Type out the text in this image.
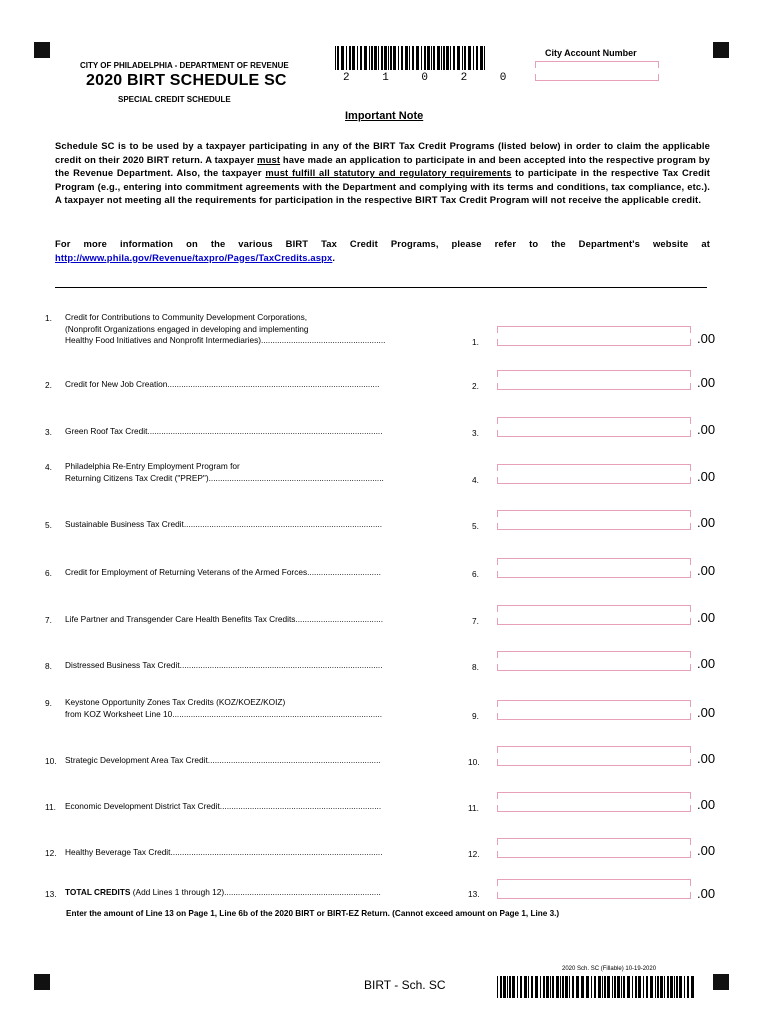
CITY OF PHILADELPHIA - DEPARTMENT OF REVENUE
2020 BIRT SCHEDULE SC
SPECIAL CREDIT SCHEDULE
2 1 0 2 0
City Account Number
Important Note
Schedule SC is to be used by a taxpayer participating in any of the BIRT Tax Credit Programs (listed below) in order to claim the applicable credit on their 2020 BIRT return. A taxpayer must have made an application to participate in and been accepted into the respective program by the Revenue Department. Also, the taxpayer must fulfill all statutory and regulatory requirements to participate in the respective Tax Credit Program (e.g., entering into commitment agreements with the Department and complying with its terms and conditions, tax compliance, etc.). A taxpayer not meeting all the requirements for participation in the respective BIRT Tax Credit Program will not receive the applicable credit.
For more information on the various BIRT Tax Credit Programs, please refer to the Department's website at http://www.phila.gov/Revenue/taxpro/Pages/TaxCredits.aspx.
1. Credit for Contributions to Community Development Corporations,
(Nonprofit Organizations engaged in developing and implementing
Healthy Food Initiatives and Nonprofit Intermediaries)......................................................	1.	.00
2. Credit for New Job Creation............................................................................................	2.	.00
3. Green Roof Tax Credit......................................................................................................	3.	.00
4. Philadelphia Re-Entry Employment Program for
Returning Citizens Tax Credit ("PREP")............................................................................	4.	.00
5. Sustainable Business Tax Credit......................................................................................	5.	.00
6. Credit for Employment of Returning Veterans of the Armed Forces................................	6.	.00
7. Life Partner and Transgender Care Health Benefits Tax Credits......................................	7.	.00
8. Distressed Business Tax Credit........................................................................................	8.	.00
9. Keystone Opportunity Zones Tax Credits (KOZ/KOEZ/KOIZ)
from KOZ Worksheet Line 10...........................................................................................	9.	.00
10. Strategic Development Area Tax Credit...........................................................................	10.	.00
11. Economic Development District Tax Credit......................................................................	11.	.00
12. Healthy Beverage Tax Credit............................................................................................	12.	.00
13. TOTAL CREDITS (Add Lines 1 through 12)....................................................................	13.	.00
Enter the amount of Line 13 on Page 1, Line 6b of the 2020 BIRT or BIRT-EZ Return. (Cannot exceed amount on Page 1, Line 3.)
2020 Sch. SC (Fillable) 10-19-2020
BIRT - Sch. SC
